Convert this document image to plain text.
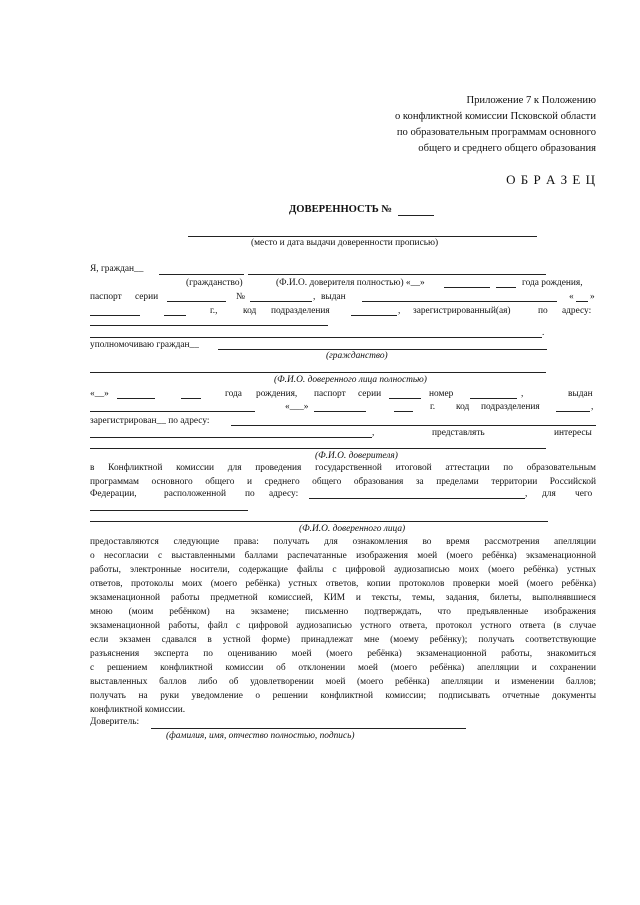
Приложение 7 к Положению
о конфликтной комиссии Псковской области
по образовательным программам основного
общего и среднего общего образования
О Б Р А З Е Ц
ДОВЕРЕННОСТЬ №
(место и дата выдачи доверенности прописью)
Я, граждан__
(гражданство)	(Ф.И.О. доверителя полностью) «__»	года рождения,
паспорт серии	№	, выдан	« »
г.,	код подразделения	, зарегистрированный(ая)	по адресу:
.
уполномочиваю граждан__
(гражданство)
(Ф.И.О. доверенного лица полностью)
«__»	года рождения, паспорт серии	номер	,	выдан
«___»	г. код подразделения	,
зарегистрирован__ по адресу:
,	представлять	интересы
(Ф.И.О. доверителя)
в Конфликтной комиссии для проведения государственной итоговой аттестации по образовательным
программам основного общего и среднего общего образования за пределами территории Российской
Федерации,	расположенной по адресу:	, для чего
(Ф.И.О. доверенного лица)
предоставляются следующие права: получать для ознакомления во время рассмотрения апелляции
о несогласии с выставленными баллами распечатанные изображения моей (моего ребёнка) экзаменационной
работы, электронные носители, содержащие файлы с цифровой аудиозаписью моих (моего ребёнка) устных
ответов, протоколы моих (моего ребёнка) устных ответов, копии протоколов проверки моей (моего ребёнка)
экзаменационной работы предметной комиссией, КИМ и тексты, темы, задания, билеты, выполнявшиеся
мною (моим ребёнком) на экзамене; письменно подтверждать, что предъявленные изображения
экзаменационной работы, файл с цифровой аудиозаписью устного ответа, протокол устного ответа (в случае
если экзамен сдавался в устной форме) принадлежат мне (моему ребёнку); получать соответствующие
разъяснения эксперта по оцениванию моей (моего ребёнка) экзаменационной работы, знакомиться
с решением конфликтной комиссии об отклонении моей (моего ребёнка) апелляции и сохранении
выставленных баллов либо об удовлетворении моей (моего ребёнка) апелляции и изменении баллов;
получать на руки уведомление о решении конфликтной комиссии; подписывать отчетные документы
конфликтной комиссии.
Доверитель:
(фамилия, имя, отчество полностью, подпись)
